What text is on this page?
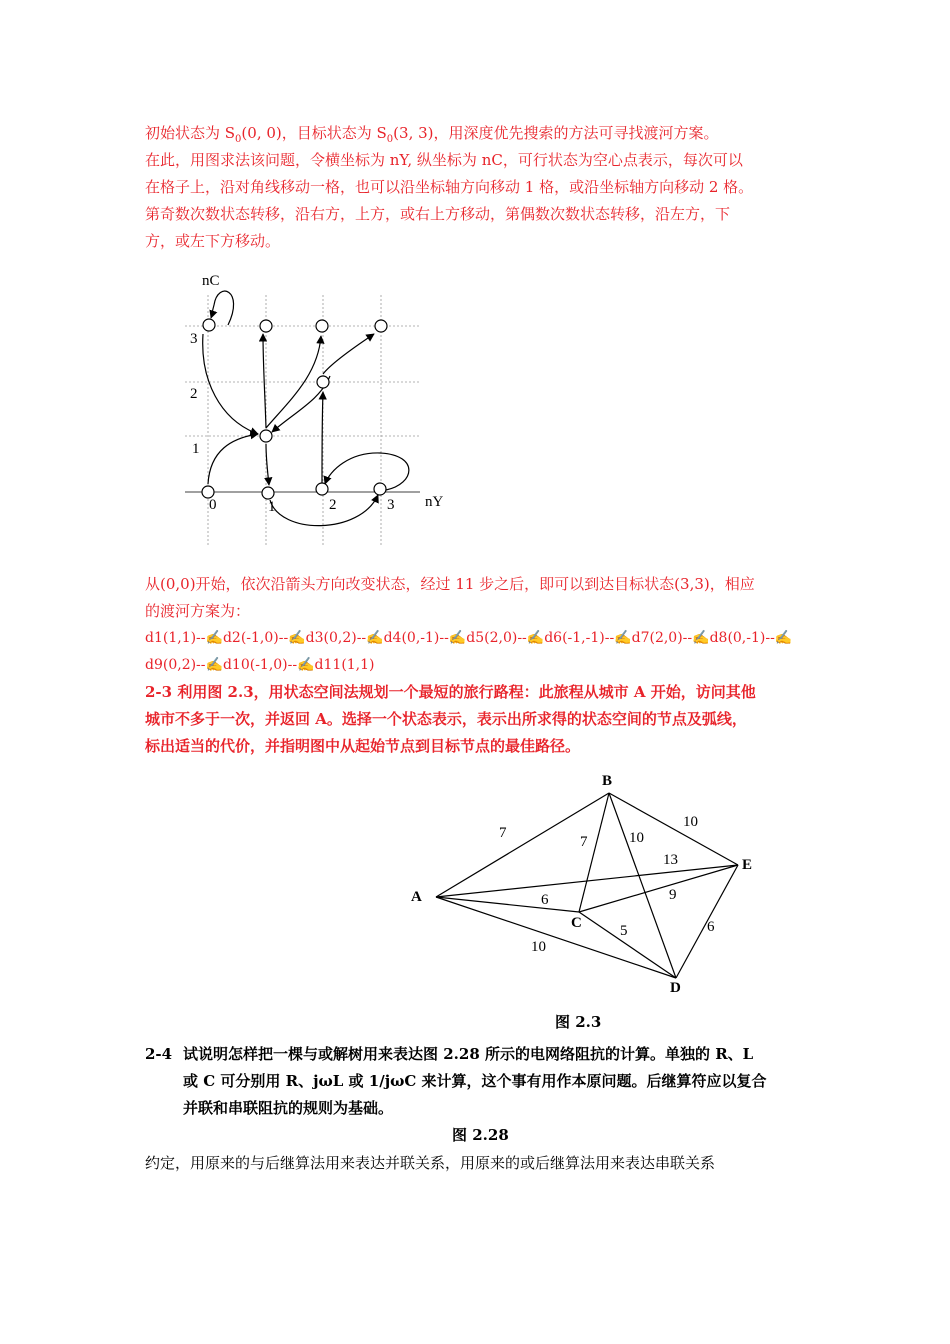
初始状态为 $S_0(0$, 0)，目标状态为 $S_0(3$, 3)，用深度优先搜索的方法可寻找渡河方案。
在此，用图求法该问题，令横坐标为 nY, 纵坐标为 nC，可行状态为空心点表示，每次可以
在格子上，沿对角线移动一格，也可以沿坐标轴方向移动 1 格，或沿坐标轴方向移动 2 格。
第奇数次数状态转移，沿右方，上方，或右上方移动，第偶数次数状态转移，沿左方，下
方，或左下方移动。
nC
nY
3
2
1
0	1	2	3
从(0,0)开始，依次沿箭头方向改变状态，经过 11 步之后，即可以到达目标状态(3,3)，相应
的渡河方案为：
d1(1,1)--✍d2(-1,0)--✍d3(0,2)--✍d4(0,-1)--✍d5(2,0)--✍d6(-1,-1)--✍d7(2,0)--✍d8(0,-1)--✍
d9(0,2)--✍d10(-1,0)--✍d11(1,1)
2-3 利用图 2.3，用状态空间法规划一个最短的旅行路程：此旅程从城市 A 开始，访问其他
城市不多于一次，并返回 A。选择一个状态表示，表示出所求得的状态空间的节点及弧线，
标出适当的代价，并指明图中从起始节点到目标节点的最佳路径。
A
B
C
D
E
7
7	10
10
13
9
6
5	6
10
图 2.3
2-4 试说明怎样把一棵与或解树用来表达图 2.28 所示的电网络阻抗的计算。单独的 R、L
或 C 可分别用 R、jωL 或 1/jωC 来计算，这个事有用作本原问题。后继算符应以复合
并联和串联阻抗的规则为基础。
图 2.28
约定，用原来的与后继算法用来表达并联关系，用原来的或后继算法用来表达串联关系
